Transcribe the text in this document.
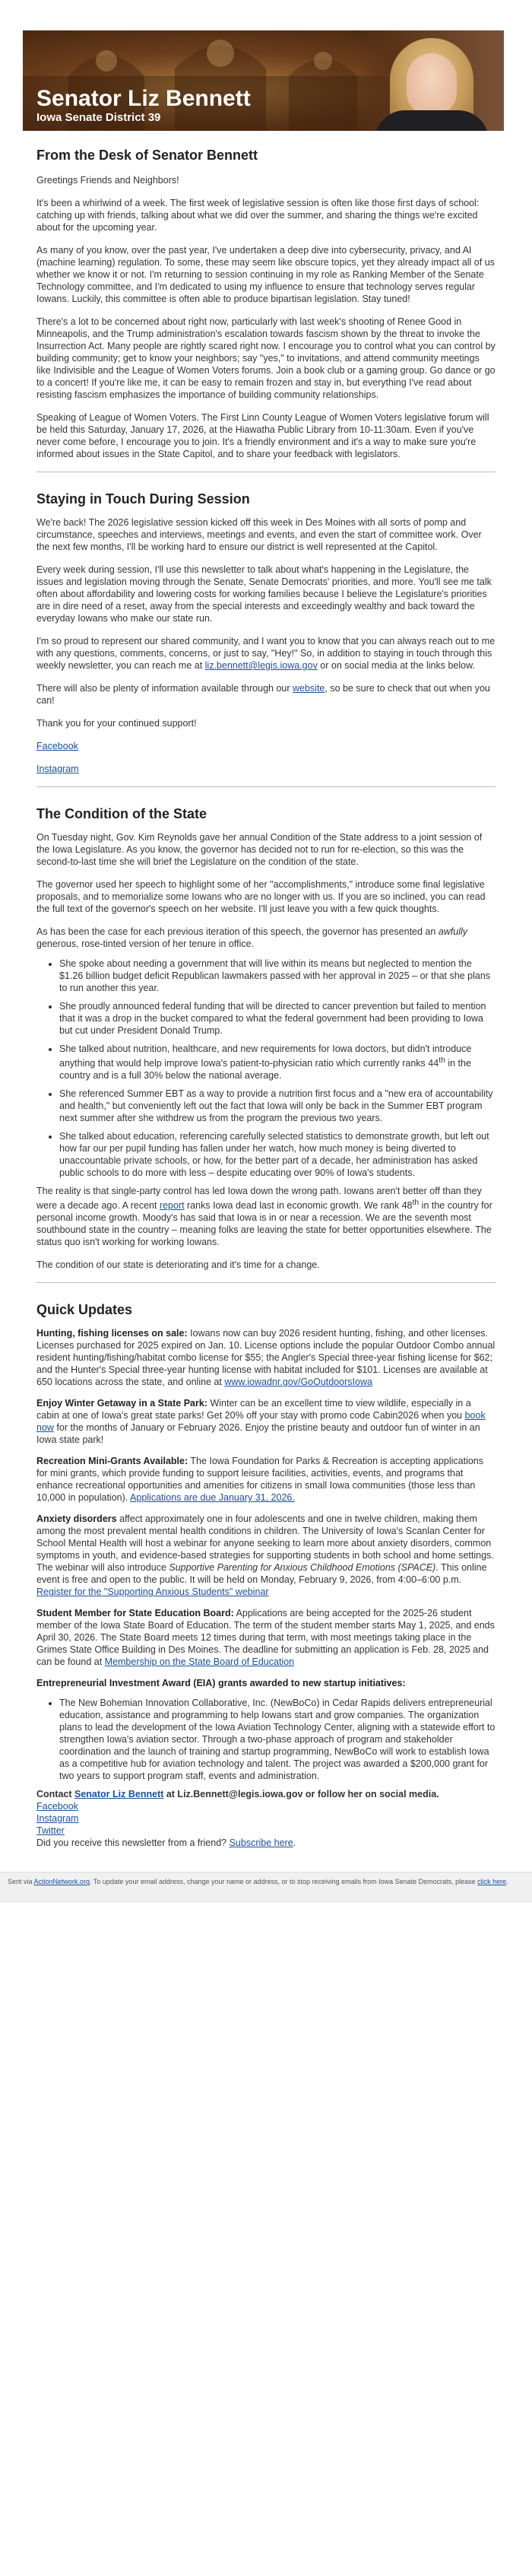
Senator Liz Bennett
Iowa Senate District 39
From the Desk of Senator Bennett

Greetings Friends and Neighbors!

It's been a whirlwind of a week. The first week of legislative session is often like those first days of school: catching up with friends, talking about what we did over the summer, and sharing the things we're excited about for the upcoming year.

As many of you know, over the past year, I've undertaken a deep dive into cybersecurity, privacy, and AI (machine learning) regulation. To some, these may seem like obscure topics, yet they already impact all of us whether we know it or not. I'm returning to session continuing in my role as Ranking Member of the Senate Technology committee, and I'm dedicated to using my influence to ensure that technology serves regular Iowans. Luckily, this committee is often able to produce bipartisan legislation. Stay tuned!

There's a lot to be concerned about right now, particularly with last week's shooting of Renee Good in Minneapolis, and the Trump administration's escalation towards fascism shown by the threat to invoke the Insurrection Act. Many people are rightly scared right now. I encourage you to control what you can control by building community; get to know your neighbors; say "yes," to invitations, and attend community meetings like Indivisible and the League of Women Voters forums. Join a book club or a gaming group. Go dance or go to a concert! If you're like me, it can be easy to remain frozen and stay in, but everything I've read about resisting fascism emphasizes the importance of building community relationships.

Speaking of League of Women Voters. The First Linn County League of Women Voters legislative forum will be held this Saturday, January 17, 2026, at the Hiawatha Public Library from 10-11:30am. Even if you've never come before, I encourage you to join. It's a friendly environment and it's a way to make sure you're informed about issues in the State Capitol, and to share your feedback with legislators.

Staying in Touch During Session

We're back! The 2026 legislative session kicked off this week in Des Moines with all sorts of pomp and circumstance, speeches and interviews, meetings and events, and even the start of committee work. Over the next few months, I'll be working hard to ensure our district is well represented at the Capitol.

Every week during session, I'll use this newsletter to talk about what's happening in the Legislature, the issues and legislation moving through the Senate, Senate Democrats' priorities, and more. You'll see me talk often about affordability and lowering costs for working families because I believe the Legislature's priorities are in dire need of a reset, away from the special interests and exceedingly wealthy and back toward the everyday Iowans who make our state run.

I'm so proud to represent our shared community, and I want you to know that you can always reach out to me with any questions, comments, concerns, or just to say, "Hey!" So, in addition to staying in touch through this weekly newsletter, you can reach me at liz.bennett@legis.iowa.gov or on social media at the links below.

There will also be plenty of information available through our website, so be sure to check that out when you can!

Thank you for your continued support!

Facebook

Instagram

The Condition of the State

On Tuesday night, Gov. Kim Reynolds gave her annual Condition of the State address to a joint session of the Iowa Legislature. As you know, the governor has decided not to run for re-election, so this was the second-to-last time she will brief the Legislature on the condition of the state.

The governor used her speech to highlight some of her "accomplishments," introduce some final legislative proposals, and to memorialize some Iowans who are no longer with us. If you are so inclined, you can read the full text of the governor's speech on her website. I'll just leave you with a few quick thoughts.

As has been the case for each previous iteration of this speech, the governor has presented an awfully generous, rose-tinted version of her tenure in office.

• She spoke about needing a government that will live within its means but neglected to mention the $1.26 billion budget deficit Republican lawmakers passed with her approval in 2025 – or that she plans to run another this year.
• She proudly announced federal funding that will be directed to cancer prevention but failed to mention that it was a drop in the bucket compared to what the federal government had been providing to Iowa but cut under President Donald Trump.
• She talked about nutrition, healthcare, and new requirements for Iowa doctors, but didn't introduce anything that would help improve Iowa's patient-to-physician ratio which currently ranks 44th in the country and is a full 30% below the national average.
• She referenced Summer EBT as a way to provide a nutrition first focus and a "new era of accountability and health," but conveniently left out the fact that Iowa will only be back in the Summer EBT program next summer after she withdrew us from the program the previous two years.
• She talked about education, referencing carefully selected statistics to demonstrate growth, but left out how far our per pupil funding has fallen under her watch, how much money is being diverted to unaccountable private schools, or how, for the better part of a decade, her administration has asked public schools to do more with less – despite educating over 90% of Iowa's students.

The reality is that single-party control has led Iowa down the wrong path. Iowans aren't better off than they were a decade ago. A recent report ranks Iowa dead last in economic growth. We rank 48th in the country for personal income growth. Moody's has said that Iowa is in or near a recession. We are the seventh most southbound state in the country – meaning folks are leaving the state for better opportunities elsewhere. The status quo isn't working for working Iowans.

The condition of our state is deteriorating and it's time for a change.

Quick Updates

Hunting, fishing licenses on sale: Iowans now can buy 2026 resident hunting, fishing, and other licenses. Licenses purchased for 2025 expired on Jan. 10. License options include the popular Outdoor Combo annual resident hunting/fishing/habitat combo license for $55; the Angler's Special three-year fishing license for $62; and the Hunter's Special three-year hunting license with habitat included for $101. Licenses are available at 650 locations across the state, and online at www.iowadnr.gov/GoOutdoorsIowa

Enjoy Winter Getaway in a State Park: Winter can be an excellent time to view wildlife, especially in a cabin at one of Iowa's great state parks! Get 20% off your stay with promo code Cabin2026 when you book now for the months of January or February 2026. Enjoy the pristine beauty and outdoor fun of winter in an Iowa state park!

Recreation Mini-Grants Available: The Iowa Foundation for Parks & Recreation is accepting applications for mini grants, which provide funding to support leisure facilities, activities, events, and programs that enhance recreational opportunities and amenities for citizens in small Iowa communities (those less than 10,000 in population). Applications are due January 31, 2026.

Anxiety disorders affect approximately one in four adolescents and one in twelve children, making them among the most prevalent mental health conditions in children. The University of Iowa's Scanlan Center for School Mental Health will host a webinar for anyone seeking to learn more about anxiety disorders, common symptoms in youth, and evidence-based strategies for supporting students in both school and home settings. The webinar will also introduce Supportive Parenting for Anxious Childhood Emotions (SPACE). This online event is free and open to the public. It will be held on Monday, February 9, 2026, from 4:00–6:00 p.m. Register for the "Supporting Anxious Students" webinar

Student Member for State Education Board: Applications are being accepted for the 2025-26 student member of the Iowa State Board of Education. The term of the student member starts May 1, 2025, and ends April 30, 2026. The State Board meets 12 times during that term, with most meetings taking place in the Grimes State Office Building in Des Moines. The deadline for submitting an application is Feb. 28, 2025 and can be found at Membership on the State Board of Education

Entrepreneurial Investment Award (EIA) grants awarded to new startup initiatives:

• The New Bohemian Innovation Collaborative, Inc. (NewBoCo) in Cedar Rapids delivers entrepreneurial education, assistance and programming to help Iowans start and grow companies. The organization plans to lead the development of the Iowa Aviation Technology Center, aligning with a statewide effort to strengthen Iowa's aviation sector. Through a two-phase approach of program and stakeholder coordination and the launch of training and startup programming, NewBoCo will work to establish Iowa as a competitive hub for aviation technology and talent. The project was awarded a $200,000 grant for two years to support program staff, events and administration.

Contact Senator Liz Bennett at Liz.Bennett@legis.iowa.gov or follow her on social media.

Facebook

Instagram

Twitter

Did you receive this newsletter from a friend? Subscribe here.

Sent via ActionNetwork.org. To update your email address, change your name or address, or to stop receiving emails from Iowa Senate Democrats, please click here.
